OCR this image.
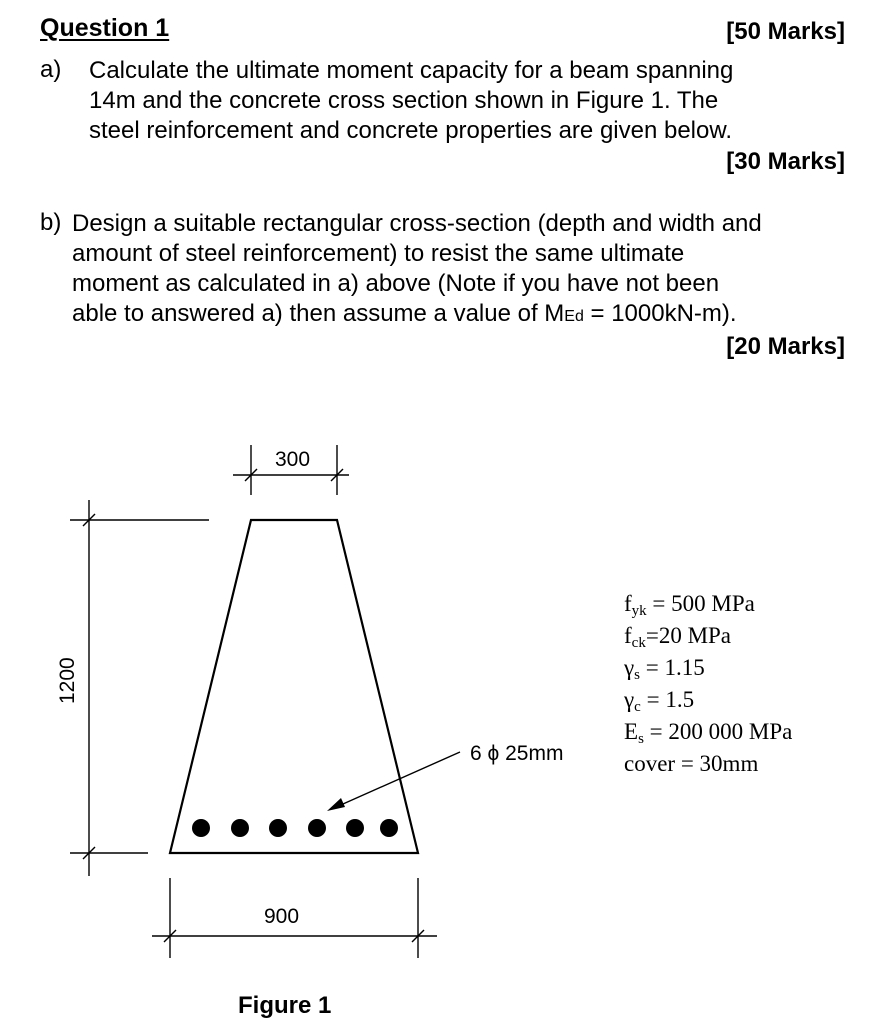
Question 1	[50 Marks]
a) Calculate the ultimate moment capacity for a beam spanning
14m and the concrete cross section shown in Figure 1. The
steel reinforcement and concrete properties are given below.
[30 Marks]
b) Design a suitable rectangular cross-section (depth and width and
amount of steel reinforcement) to resist the same ultimate
moment as calculated in a) above (Note if you have not been
able to answered a) then assume a value of MEd = 1000kN-m).
[20 Marks]
300
900
1200
6 ϕ 25mm
Figure 1
$f_{yk} = 500$ MPa
$f_{ck}=20$ MPa
$\gamma_s = 1.15$
$\gamma_c = 1.5$
$E_s = 200$ 000 MPa
cover = 30mm
